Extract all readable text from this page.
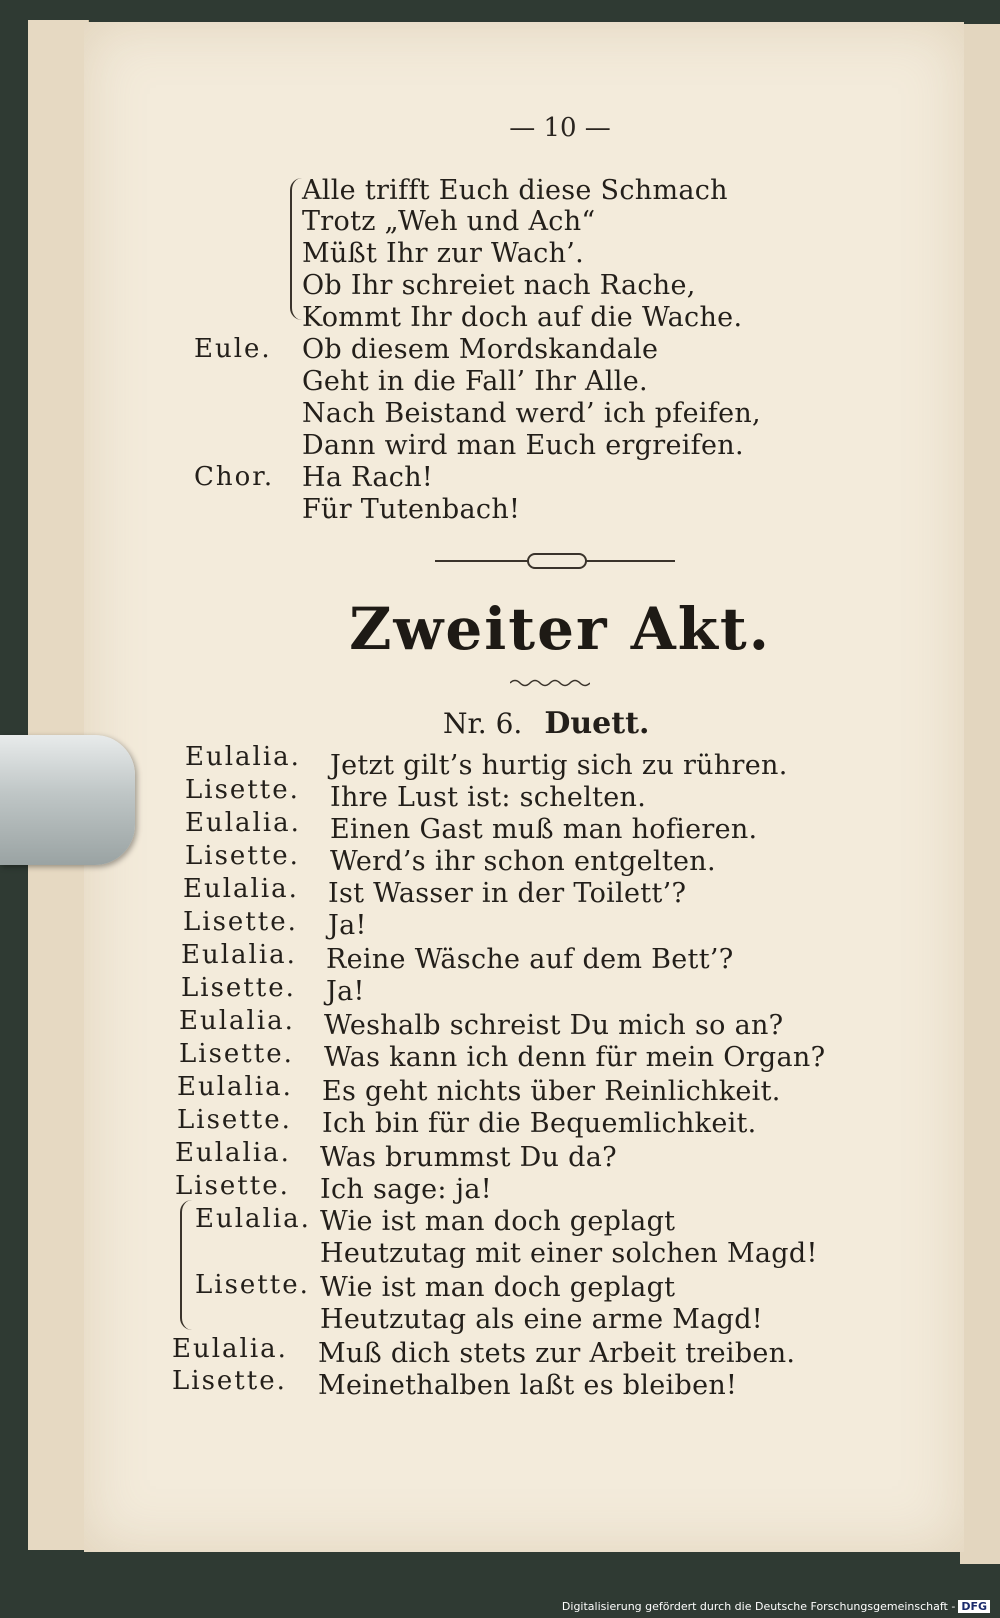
— 10 —
Alle trifft Euch diese Schmach
Trotz „Weh und Ach“
Müßt Ihr zur Wach’.
Ob Ihr schreiet nach Rache,
Kommt Ihr doch auf die Wache.
Eule. Ob diesem Mordskandale
Geht in die Fall’ Ihr Alle.
Nach Beistand werd’ ich pfeifen,
Dann wird man Euch ergreifen.
Chor. Ha Rach!
Für Tutenbach!
Zweiter Akt.
Nr. 6. Duett.
Eulalia. Jetzt gilt’s hurtig sich zu rühren.
Lisette. Ihre Lust ist: schelten.
Eulalia. Einen Gast muß man hofieren.
Lisette. Werd’s ihr schon entgelten.
Eulalia. Ist Wasser in der Toilett’?
Lisette. Ja!
Eulalia. Reine Wäsche auf dem Bett’?
Lisette. Ja!
Eulalia. Weshalb schreist Du mich so an?
Lisette. Was kann ich denn für mein Organ?
Eulalia. Es geht nichts über Reinlichkeit.
Lisette. Ich bin für die Bequemlichkeit.
Eulalia. Was brummst Du da?
Lisette. Ich sage: ja!
Eulalia.
Lisette.
Wie ist man doch geplagt
Heutzutag mit einer solchen Magd!
Wie ist man doch geplagt
Heutzutag als eine arme Magd!
Eulalia. Muß dich stets zur Arbeit treiben.
Lisette. Meinethalben laßt es bleiben!
Digitalisierung gefördert durch die Deutsche Forschungsgemeinschaft - DFG
